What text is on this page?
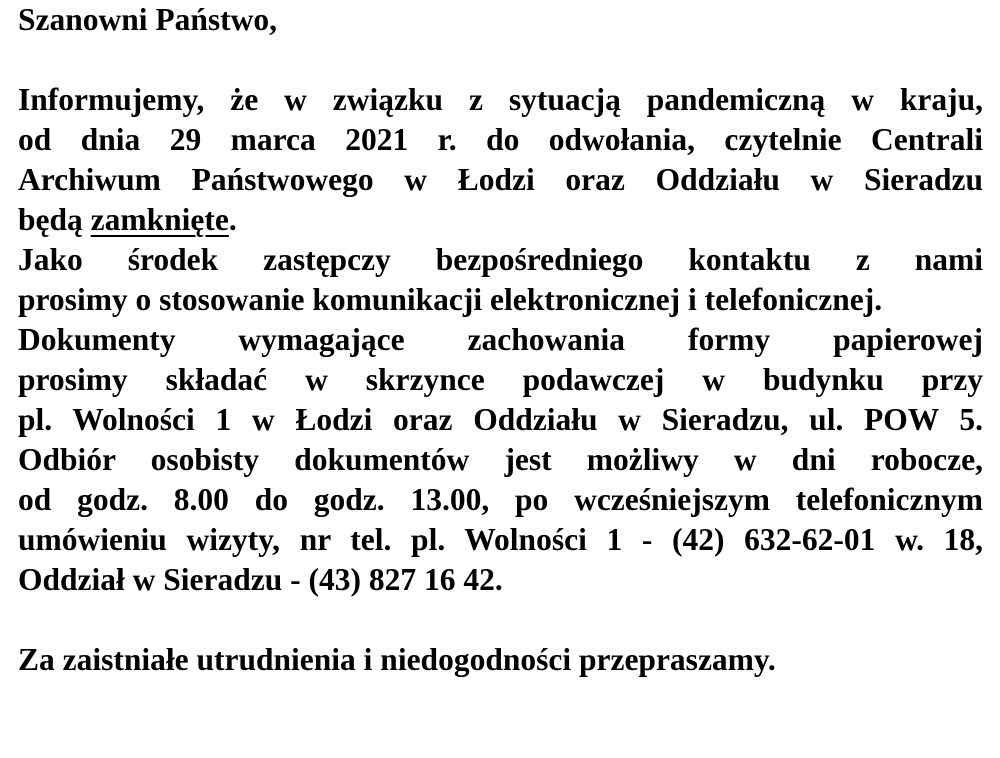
Szanowni Państwo,
Informujemy, że w związku z sytuacją pandemiczną w kraju,
od dnia 29 marca 2021 r. do odwołania, czytelnie Centrali
Archiwum Państwowego w Łodzi oraz Oddziału w Sieradzu
będą zamknięte.
Jako środek zastępczy bezpośredniego kontaktu z nami
prosimy o stosowanie komunikacji elektronicznej i telefonicznej.
Dokumenty wymagające zachowania formy papierowej
prosimy składać w skrzynce podawczej w budynku przy
pl. Wolności 1 w Łodzi oraz Oddziału w Sieradzu, ul. POW 5.
Odbiór osobisty dokumentów jest możliwy w dni robocze,
od godz. 8.00 do godz. 13.00, po wcześniejszym telefonicznym
umówieniu wizyty, nr tel. pl. Wolności 1 - (42) 632-62-01 w. 18,
Oddział w Sieradzu - (43) 827 16 42.
Za zaistniałe utrudnienia i niedogodności przepraszamy.
